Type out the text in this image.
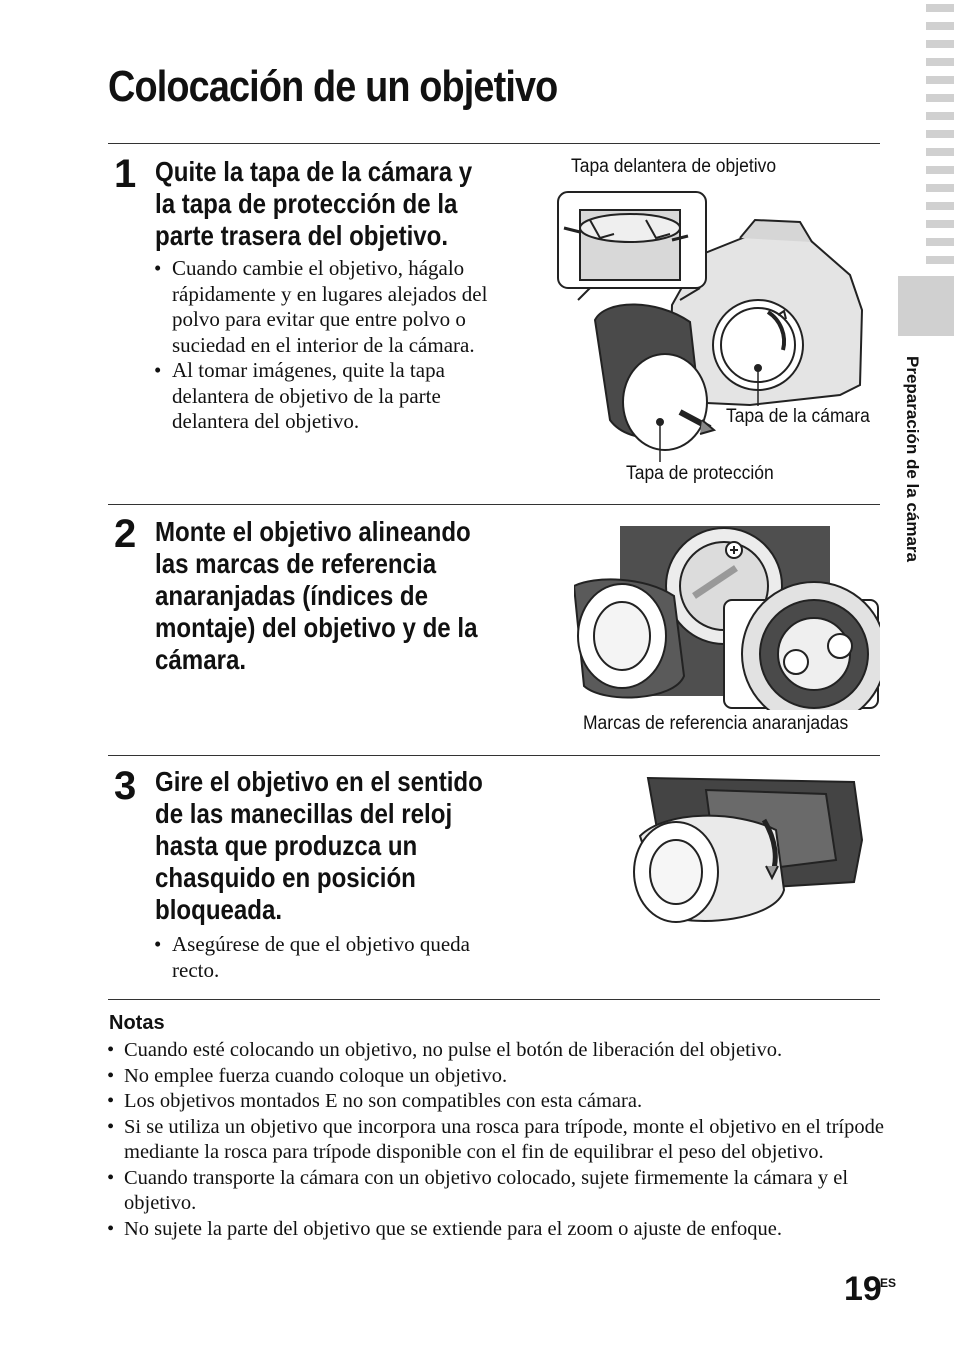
Preparación de la cámara
Colocación de un objetivo
1 Quite la tapa de la cámara y
la tapa de protección de la
parte trasera del objetivo.
• Cuando cambie el objetivo, hágalo
rápidamente y en lugares alejados del
polvo para evitar que entre polvo o
suciedad en el interior de la cámara.
• Al tomar imágenes, quite la tapa
delantera de objetivo de la parte
delantera del objetivo.
Tapa delantera de objetivo
Tapa de la cámara
Tapa de protección
2 Monte el objetivo alineando
las marcas de referencia
anaranjadas (índices de
montaje) del objetivo y de la
cámara.
Marcas de referencia anaranjadas
3 Gire el objetivo en el sentido
de las manecillas del reloj
hasta que produzca un
chasquido en posición
bloqueada.
• Asegúrese de que el objetivo queda
recto.
Notas
• Cuando esté colocando un objetivo, no pulse el botón de liberación del objetivo.
• No emplee fuerza cuando coloque un objetivo.
• Los objetivos montados E no son compatibles con esta cámara.
• Si se utiliza un objetivo que incorpora una rosca para trípode, monte el objetivo en el trípode mediante la rosca para trípode disponible con el fin de equilibrar el peso del objetivo.
• Cuando transporte la cámara con un objetivo colocado, sujete firmemente la cámara y el objetivo.
• No sujete la parte del objetivo que se extiende para el zoom o ajuste de enfoque.
19
ES
